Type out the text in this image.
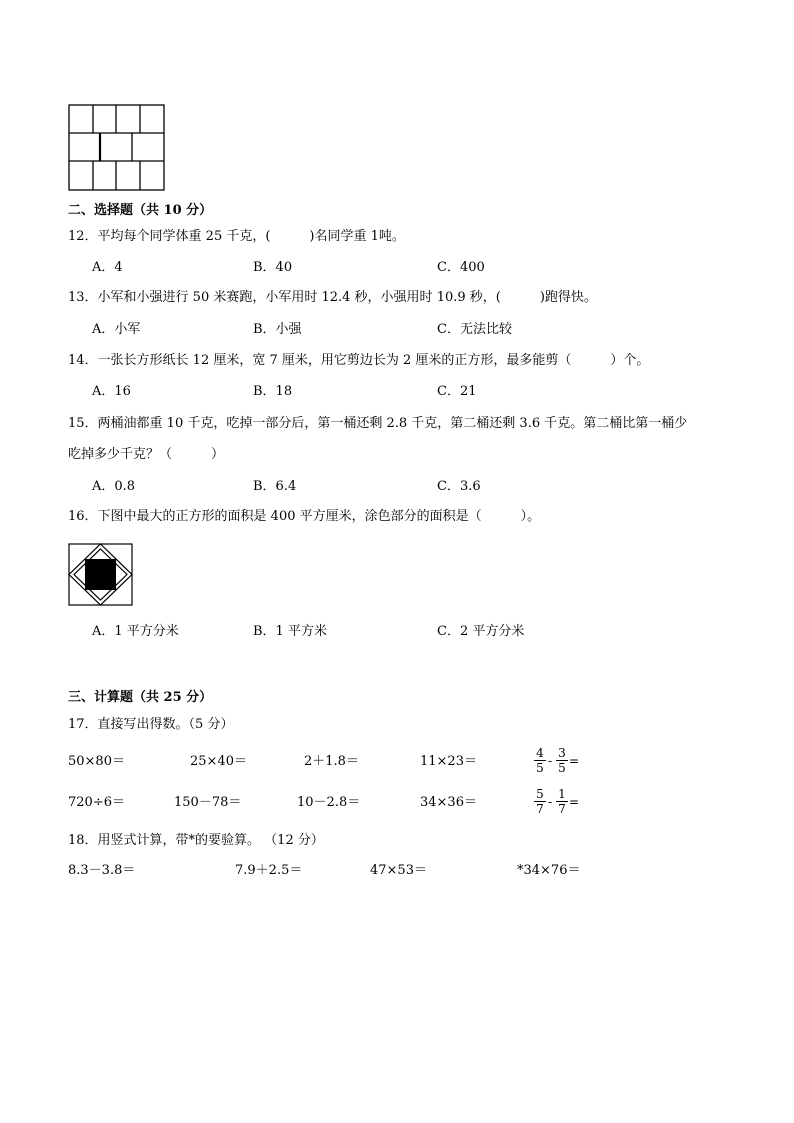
二、选择题（共 10 分）
12．平均每个同学体重 25 千克，(　　　)名同学重 1吨。
A．4	B．40	C．400
13．小军和小强进行 50 米赛跑，小军用时 12.4 秒，小强用时 10.9 秒，(　　　)跑得快。
A．小军	B．小强	C．无法比较
14．一张长方形纸长 12 厘米，宽 7 厘米，用它剪边长为 2 厘米的正方形，最多能剪（　　　）个。
A．16	B．18	C．21
15．两桶油都重 10 千克，吃掉一部分后，第一桶还剩 2.8 千克，第二桶还剩 3.6 千克。第二桶比第一桶少
吃掉多少千克？（　　　）
A．0.8	B．6.4	C．3.6
16．下图中最大的正方形的面积是 400 平方厘米，涂色部分的面积是（　　　）。
A．1 平方分米	B．1 平方米	C．2 平方分米
三、计算题（共 25 分）
17．直接写出得数。（5 分）
50×80＝	25×40＝	2＋1.8＝	11×23＝	$\frac{4}{5} - \frac{3}{5}$ =
720÷6＝	150－78＝	10－2.8＝	34×36＝	$\frac{5}{7} - \frac{1}{7}$ =
18．用竖式计算，带*的要验算。 （12 分）
8.3－3.8＝	7.9＋2.5＝	47×53＝	*34×76＝
